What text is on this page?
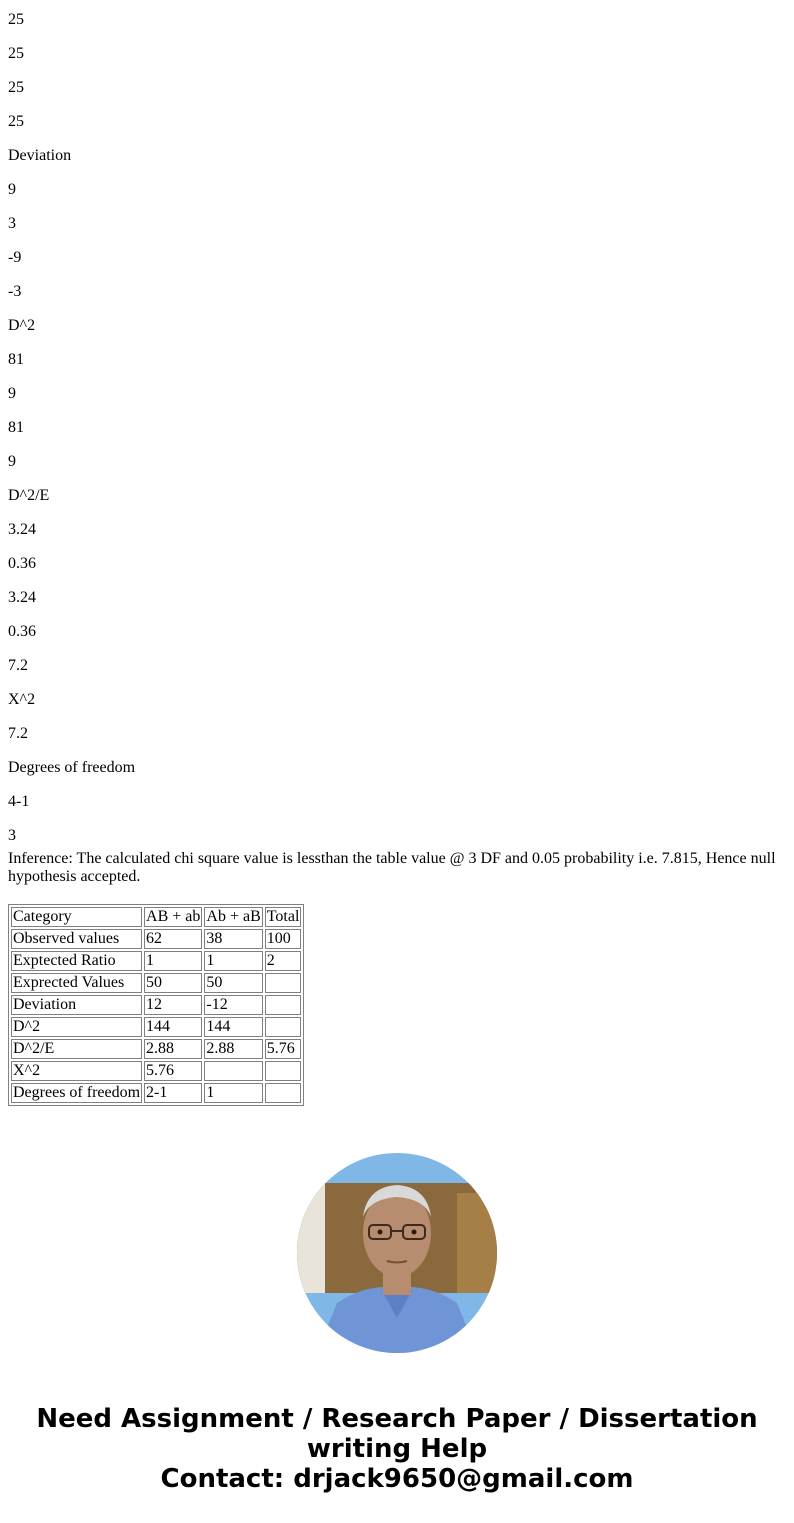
25

25

25

25

Deviation

9

3

-9

-3

D^2

81

9

81

9

D^2/E

3.24

0.36

3.24

0.36

7.2

X^2

7.2

Degrees of freedom

4-1

3

Inference: The calculated chi square value is lessthan the table value @ 3 DF and 0.05 probability i.e. 7.815, Hence null hypothesis accepted.

Category	AB + ab	Ab + aB	Total
Observed values	62	38	100
Exptected Ratio	1	1	2
Exprected Values	50	50	
Deviation	12	-12	
D^2	144	144	
D^2/E	2.88	2.88	5.76
X^2	5.76		
Degrees of freedom	2-1	1	
Need Assignment / Research Paper / Dissertation
writing Help
Contact: drjack9650@gmail.com
